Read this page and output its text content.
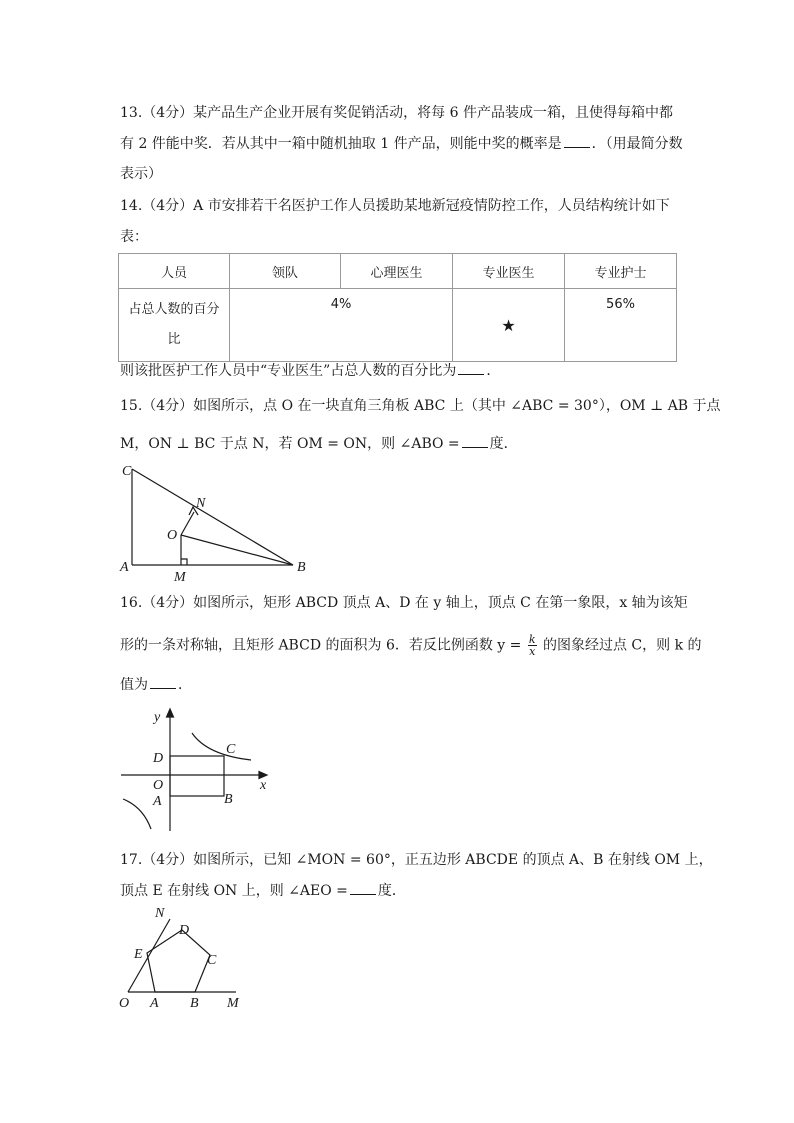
13.（4分）某产品生产企业开展有奖促销活动，将每 6 件产品装成一箱，且使得每箱中都
有 2 件能中奖．若从其中一箱中随机抽取 1 件产品，则能中奖的概率是 ．（用最简分数
表示）
14.（4分）A 市安排若干名医护工作人员援助某地新冠疫情防控工作，人员结构统计如下
表：
人员	领队	心理医生	专业医生	专业护士
占总人数的百分
比	4%		★	56%
则该批医护工作人员中“专业医生”占总人数的百分比为 ．
15.（4分）如图所示，点 O 在一块直角三角板 ABC 上（其中 ∠ABC = 30°），OM ⊥ AB 于点
M，ON ⊥ BC 于点 N，若 OM = ON，则 ∠ABO = 度．
C
N
O
A
M
B
16.（4分）如图所示，矩形 ABCD 顶点 A、D 在 y 轴上，顶点 C 在第一象限，x 轴为该矩
形的一条对称轴，且矩形 ABCD 的面积为 6．若反比例函数 $y = \frac{k}{x}$ 的图象经过点 C，则 k 的
值为 ．
y
D
C
O	x
A	B
17.（4分）如图所示，已知 ∠MON = 60°，正五边形 ABCDE 的顶点 A、B 在射线 OM 上，
顶点 E 在射线 ON 上，则 ∠AEO = 度．
N
D
E	C
O A B M
